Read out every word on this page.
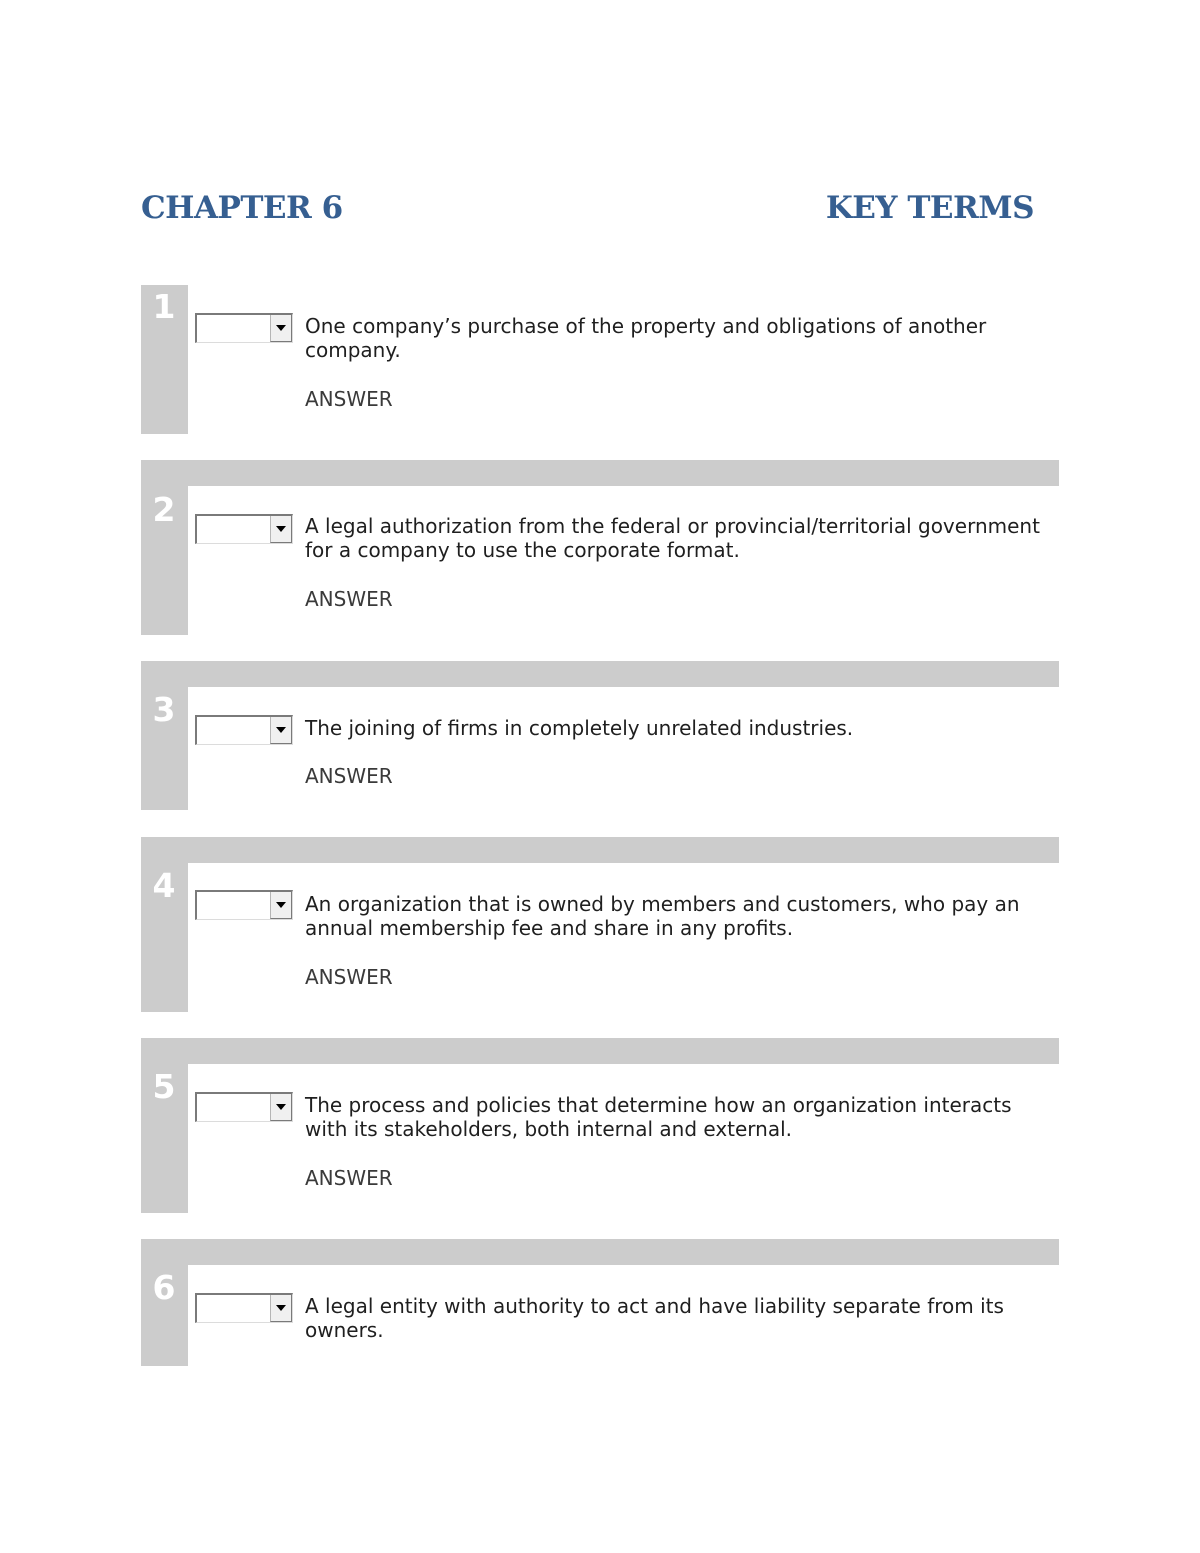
CHAPTER 6	KEY TERMS
1	One company’s purchase of the property and obligations of another company.
ANSWER
2	A legal authorization from the federal or provincial/territorial government for a company to use the corporate format.
ANSWER
3	The joining of firms in completely unrelated industries.
ANSWER
4	An organization that is owned by members and customers, who pay an annual membership fee and share in any profits.
ANSWER
5	The process and policies that determine how an organization interacts with its stakeholders, both internal and external.
ANSWER
6	A legal entity with authority to act and have liability separate from its owners.
